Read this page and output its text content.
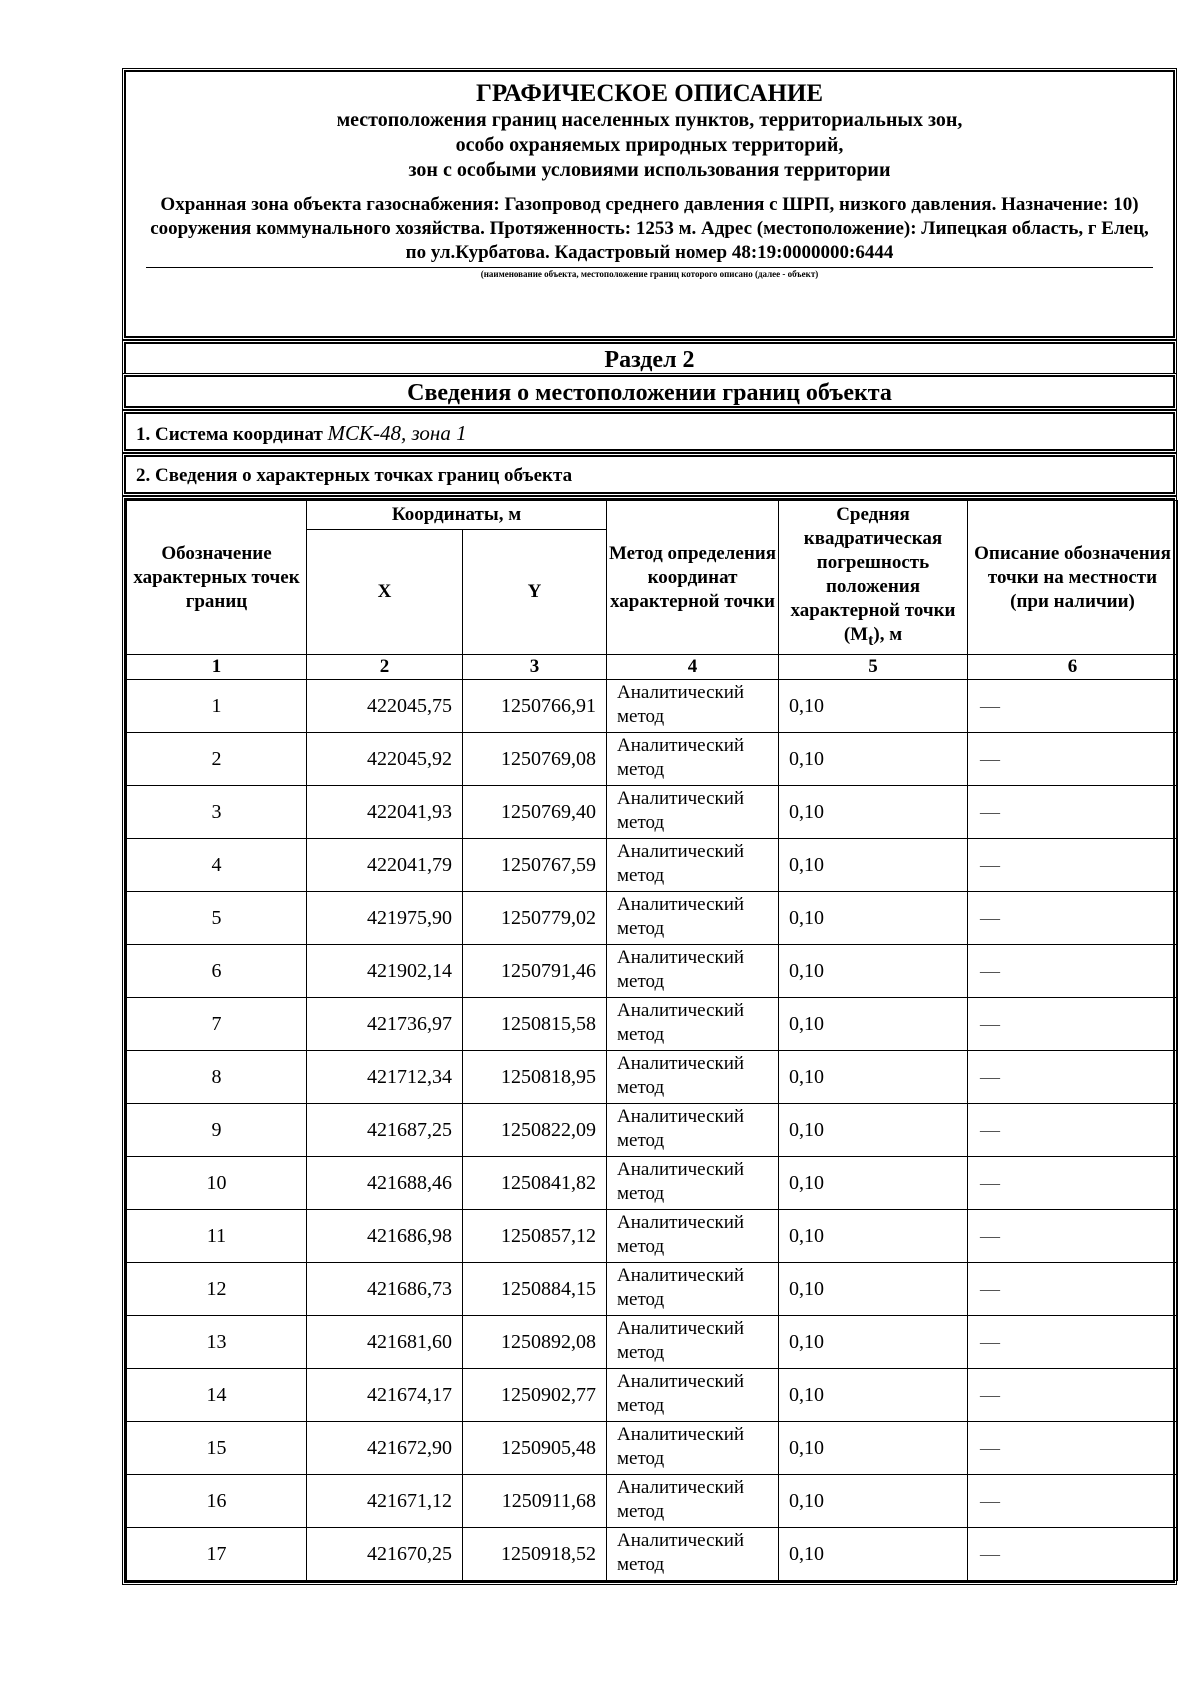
ГРАФИЧЕСКОЕ ОПИСАНИЕ
местоположения границ населенных пунктов, территориальных зон,
особо охраняемых природных территорий,
зон с особыми условиями использования территории
Охранная зона объекта газоснабжения: Газопровод среднего давления с ШРП, низкого давления. Назначение: 10) сооружения коммунального хозяйства. Протяженность: 1253 м. Адрес (местоположение): Липецкая область, г Елец, по ул.Курбатова. Кадастровый номер 48:19:0000000:6444
(наименование объекта, местоположение границ которого описано (далее - объект)
Раздел 2
Сведения о местоположении границ объекта
1. Система координат МСК-48, зона 1
2. Сведения о характерных точках границ объекта
Обозначение характерных точек границ	Координаты, м		Метод определения координат характерной точки	Средняя квадратическая погрешность положения характерной точки $(M_t)$, м	Описание обозначения точки на местности (при наличии)
	X	Y			
1	2	3	4	5	6
1	422045,75	1250766,91	Аналитический метод	0,10	—
2	422045,92	1250769,08	Аналитический метод	0,10	—
3	422041,93	1250769,40	Аналитический метод	0,10	—
4	422041,79	1250767,59	Аналитический метод	0,10	—
5	421975,90	1250779,02	Аналитический метод	0,10	—
6	421902,14	1250791,46	Аналитический метод	0,10	—
7	421736,97	1250815,58	Аналитический метод	0,10	—
8	421712,34	1250818,95	Аналитический метод	0,10	—
9	421687,25	1250822,09	Аналитический метод	0,10	—
10	421688,46	1250841,82	Аналитический метод	0,10	—
11	421686,98	1250857,12	Аналитический метод	0,10	—
12	421686,73	1250884,15	Аналитический метод	0,10	—
13	421681,60	1250892,08	Аналитический метод	0,10	—
14	421674,17	1250902,77	Аналитический метод	0,10	—
15	421672,90	1250905,48	Аналитический метод	0,10	—
16	421671,12	1250911,68	Аналитический метод	0,10	—
17	421670,25	1250918,52	Аналитический метод	0,10	—
